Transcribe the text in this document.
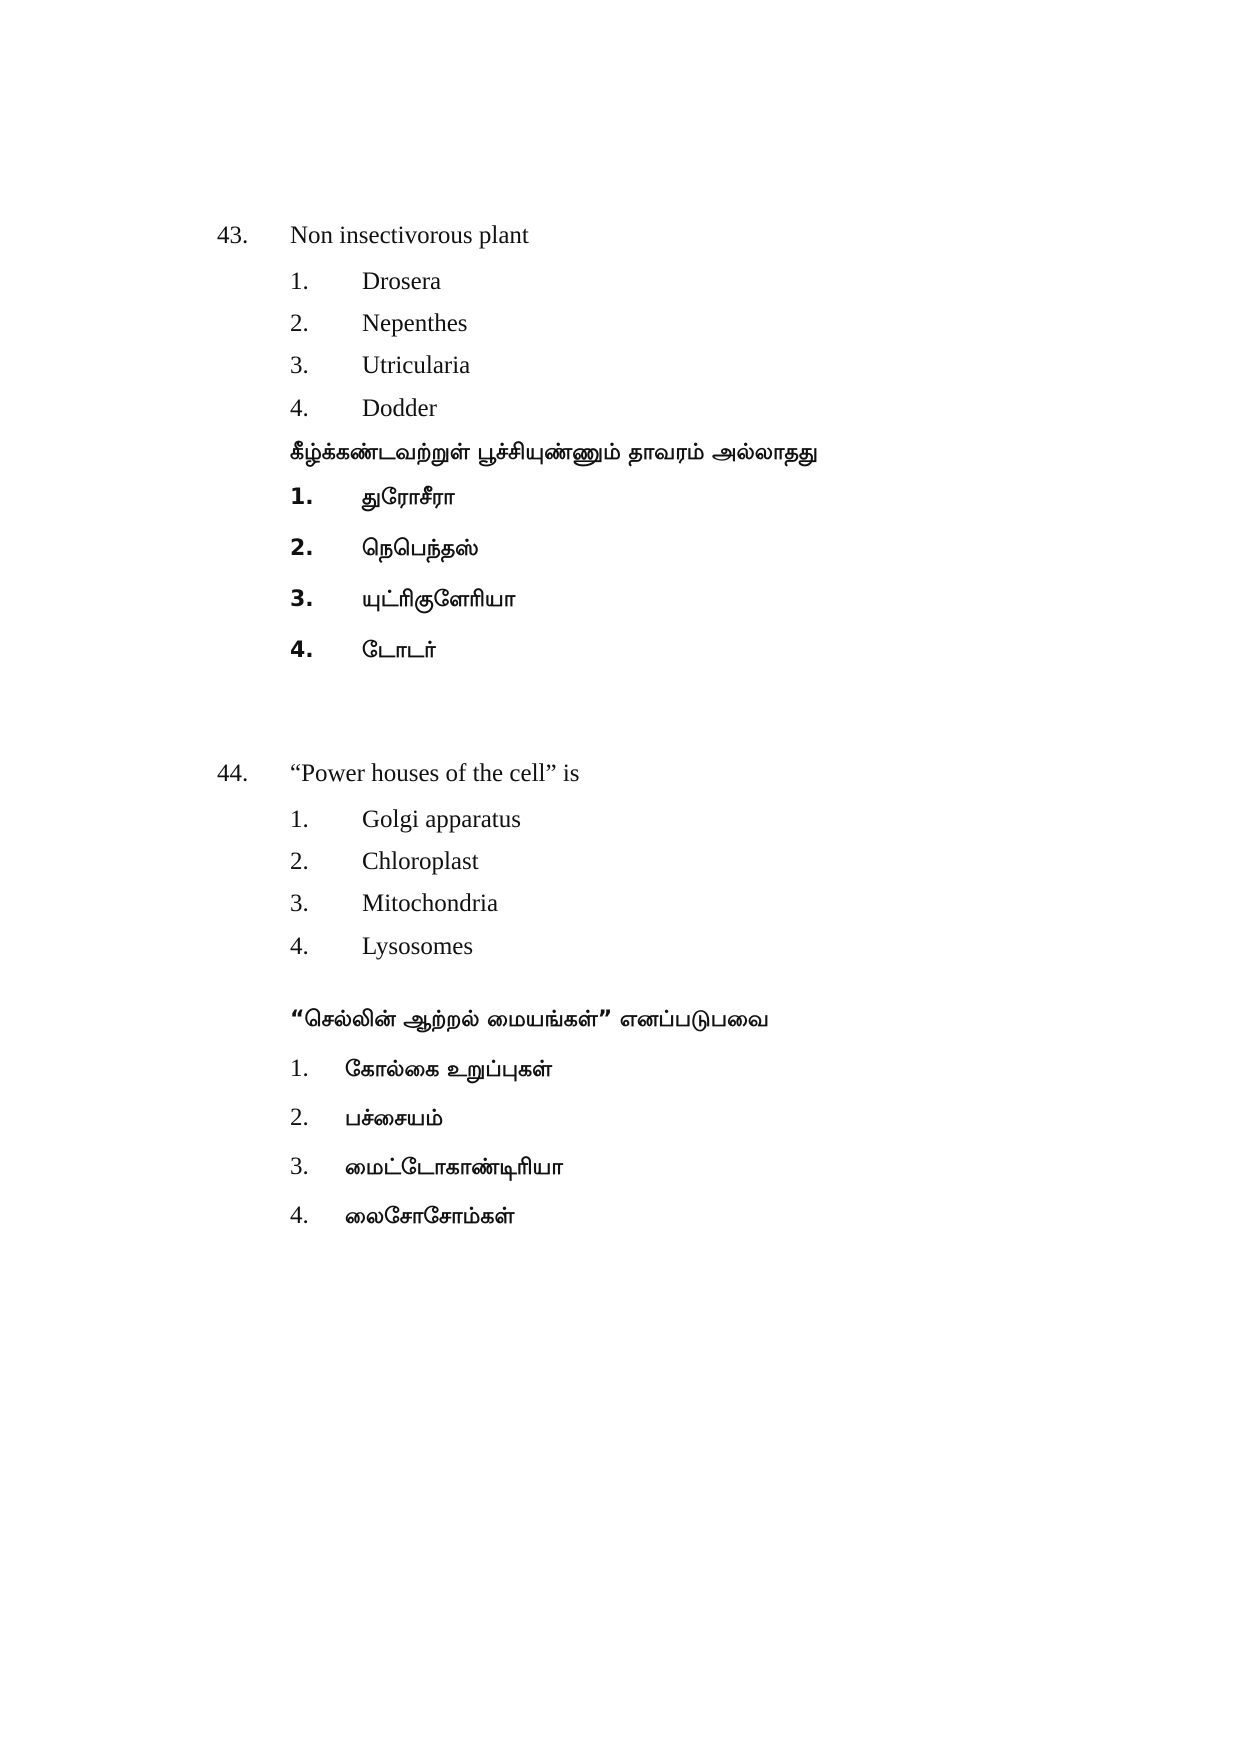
43. Non insectivorous plant
1. Drosera
2. Nepenthes
3. Utricularia
4. Dodder
கீழ்க்கண்டவற்றுள் பூச்சியுண்ணும் தாவரம் அல்லாதது
1. துரோசீரா
2. நெபெந்தஸ்
3. யுட்ரிகுளேரியா
4. டோடர்
44. “Power houses of the cell” is
1. Golgi apparatus
2. Chloroplast
3. Mitochondria
4. Lysosomes
“செல்லின் ஆற்றல் மையங்கள்” எனப்படுபவை
1. கோல்கை உறுப்புகள்
2. பச்சையம்
3. மைட்டோகாண்டிரியா
4. லைசோசோம்கள்
